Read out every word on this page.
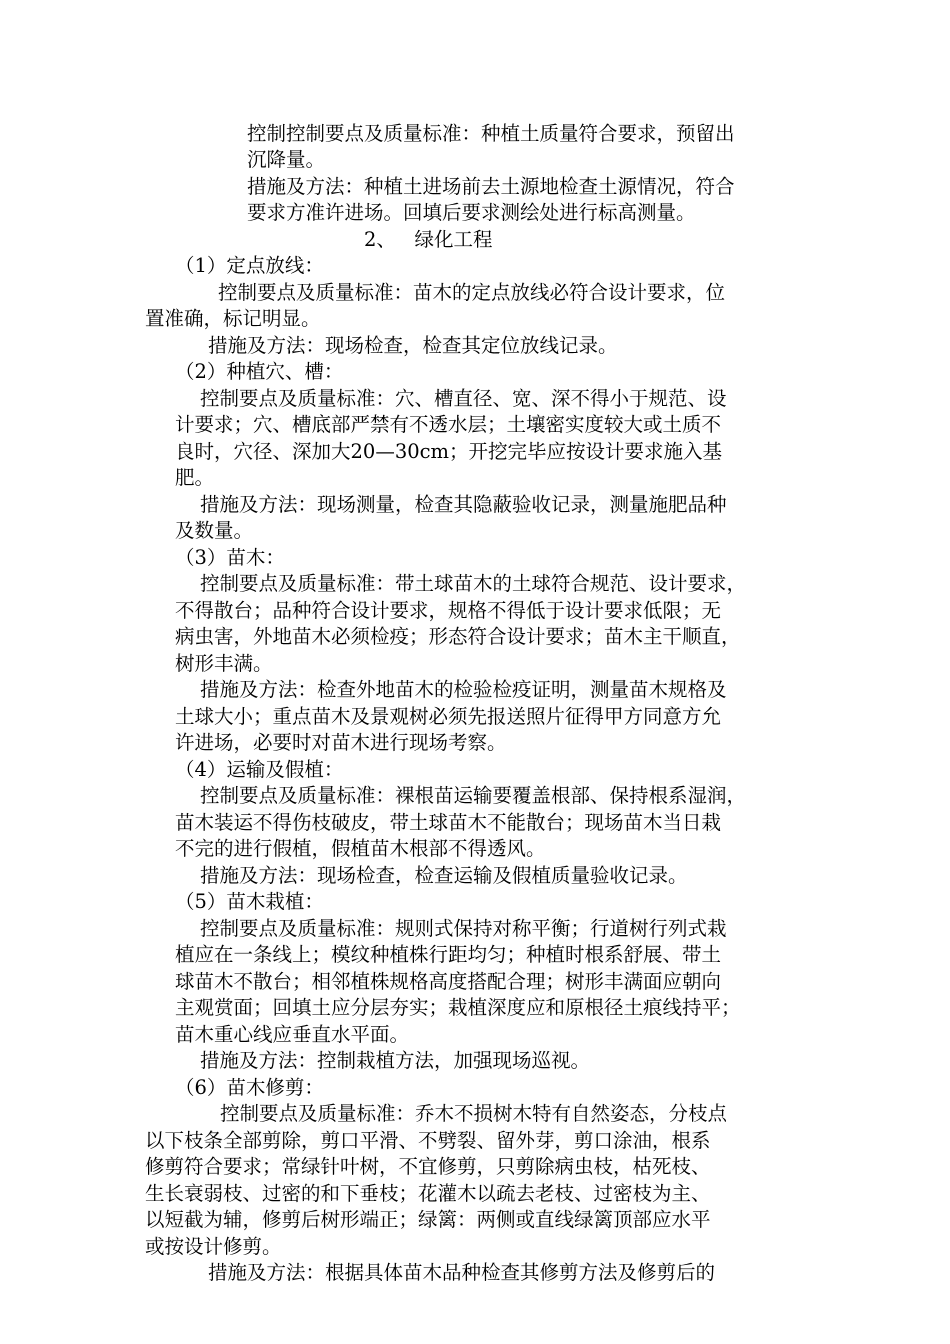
控制控制要点及质量标准：种植土质量符合要求，预留出
沉降量。
措施及方法：种植土进场前去土源地检查土源情况，符合
要求方准许进场。回填后要求测绘处进行标高测量。
2、   绿化工程
（1）定点放线：
控制要点及质量标准：苗木的定点放线必符合设计要求，位
置准确，标记明显。
措施及方法：现场检查，检查其定位放线记录。
（2）种植穴、槽：
控制要点及质量标准：穴、槽直径、宽、深不得小于规范、设
计要求；穴、槽底部严禁有不透水层；土壤密实度较大或土质不
良时，穴径、深加大20—30cm；开挖完毕应按设计要求施入基
肥。
措施及方法：现场测量，检查其隐蔽验收记录，测量施肥品种
及数量。
（3）苗木：
控制要点及质量标准：带土球苗木的土球符合规范、设计要求，
不得散台；品种符合设计要求，规格不得低于设计要求低限；无
病虫害，外地苗木必须检疫；形态符合设计要求；苗木主干顺直，
树形丰满。
措施及方法：检查外地苗木的检验检疫证明，测量苗木规格及
土球大小；重点苗木及景观树必须先报送照片征得甲方同意方允
许进场，必要时对苗木进行现场考察。
（4）运输及假植：
控制要点及质量标准：裸根苗运输要覆盖根部、保持根系湿润，
苗木装运不得伤枝破皮，带土球苗木不能散台；现场苗木当日栽
不完的进行假植，假植苗木根部不得透风。
措施及方法：现场检查，检查运输及假植质量验收记录。
（5）苗木栽植：
控制要点及质量标准：规则式保持对称平衡；行道树行列式栽
植应在一条线上；模纹种植株行距均匀；种植时根系舒展、带土
球苗木不散台；相邻植株规格高度搭配合理；树形丰满面应朝向
主观赏面；回填土应分层夯实；栽植深度应和原根径土痕线持平；
苗木重心线应垂直水平面。
措施及方法：控制栽植方法，加强现场巡视。
（6）苗木修剪：
控制要点及质量标准：乔木不损树木特有自然姿态，分枝点
以下枝条全部剪除，剪口平滑、不劈裂、留外芽，剪口涂油，根系
修剪符合要求；常绿针叶树，不宜修剪，只剪除病虫枝，枯死枝、
生长衰弱枝、过密的和下垂枝；花灌木以疏去老枝、过密枝为主、
以短截为辅，修剪后树形端正；绿篱：两侧或直线绿篱顶部应水平
或按设计修剪。
措施及方法：根据具体苗木品种检查其修剪方法及修剪后的
